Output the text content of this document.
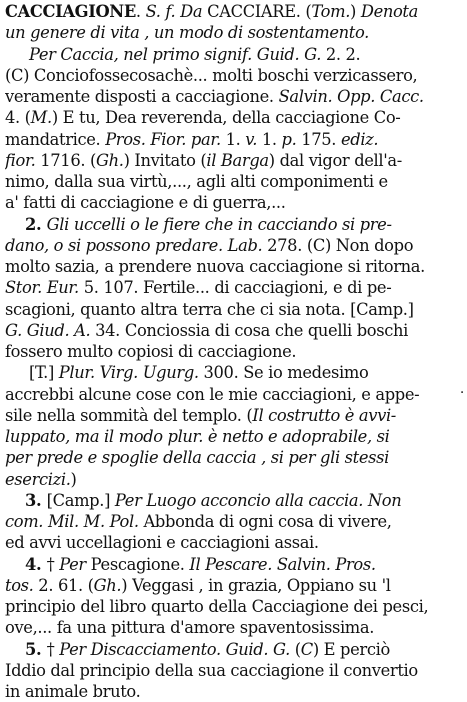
CACCIAGIONE. S. f. Da CACCIARE. (Tom.) Denota
un genere di vita , un modo di sostentamento.
Per Caccia, nel primo signif. Guid. G. 2. 2.
(C) Conciofossecosachè... molti boschi verzicassero,
veramente disposti a cacciagione. Salvin. Opp. Cacc.
4. (M.) E tu, Dea reverenda, della cacciagione Co-
mandatrice. Pros. Fior. par. 1. v. 1. p. 175. ediz.
fior. 1716. (Gh.) Invitato (il Barga) dal vigor dell'a-
nimo, dalla sua virtù,..., agli alti componimenti e
a' fatti di cacciagione e di guerra,...
2. Gli uccelli o le fiere che in cacciando si pre-
dano, o si possono predare. Lab. 278. (C) Non dopo
molto sazia, a prendere nuova cacciagione si ritorna.
Stor. Eur. 5. 107. Fertile... di cacciagioni, e di pe-
scagioni, quanto altra terra che ci sia nota. [Camp.]
G. Giud. A. 34. Conciossia di cosa che quelli boschi
fossero multo copiosi di cacciagione.
[T.] Plur. Virg. Ugurg. 300. Se io medesimo
accrebbi alcune cose con le mie cacciagioni, e appe-
sile nella sommità del templo. (Il costrutto è avvi-
luppato, ma il modo plur. è netto e adoprabile, si
per prede e spoglie della caccia , si per gli stessi
esercizi.)
3. [Camp.] Per Luogo acconcio alla caccia. Non
com. Mil. M. Pol. Abbonda di ogni cosa di vivere,
ed avvi uccellagioni e cacciagioni assai.
4. † Per Pescagione. Il Pescare. Salvin. Pros.
tos. 2. 61. (Gh.) Veggasi , in grazia, Oppiano su 'l
principio del libro quarto della Cacciagione dei pesci,
ove,... fa una pittura d'amore spaventosissima.
5. † Per Discacciamento. Guid. G. (C) E perciò
Iddio dal principio della sua cacciagione il convertio
in animale bruto.
·
